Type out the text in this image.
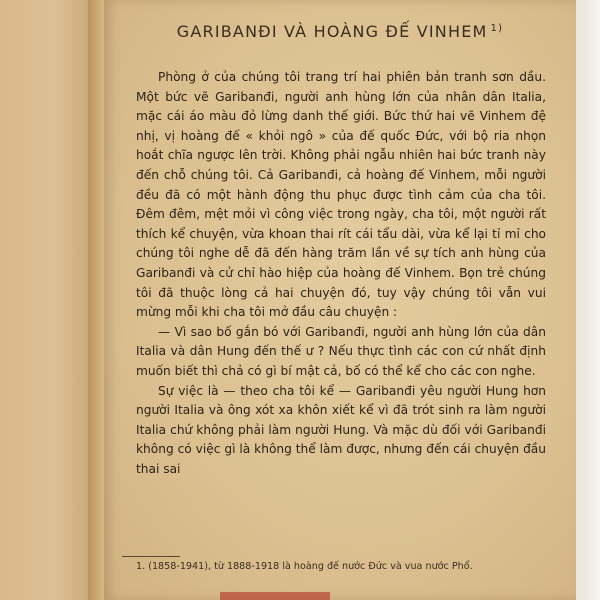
GARIBANĐI VÀ HOÀNG ĐẾ VINHEM $^{1)}$

Phòng ở của chúng tôi trang trí hai phiên bản tranh sơn dầu. Một bức vẽ Garibanđi, người anh hùng lớn của nhân dân Italia, mặc cái áo màu đỏ lừng danh thế giới. Bức thứ hai vẽ Vinhem đệ nhị, vị hoàng đế « khỏi ngô » của đế quốc Đức, với bộ ria nhọn hoắt chĩa ngược lên trời. Không phải ngẫu nhiên hai bức tranh này đến chỗ chúng tôi. Cả Garibanđi, cả hoàng đế Vinhem, mỗi người đều đã có một hành động thu phục được tình cảm của cha tôi. Đêm đêm, mệt mỏi vì công việc trong ngày, cha tôi, một người rất thích kể chuyện, vừa khoan thai rít cái tẩu dài, vừa kể lại tỉ mỉ cho chúng tôi nghe dễ đã đến hàng trăm lần về sự tích anh hùng của Garibanđi và cử chỉ hào hiệp của hoàng đế Vinhem. Bọn trẻ chúng tôi đã thuộc lòng cả hai chuyện đó, tuy vậy chúng tôi vẫn vui mừng mỗi khi cha tôi mở đầu câu chuyện :

— Vì sao bố gắn bó với Garibanđi, người anh hùng lớn của dân Italia và dân Hung đến thế ư ? Nếu thực tình các con cứ nhất định muốn biết thì chả có gì bí mật cả, bố có thể kể cho các con nghe.

Sự việc là — theo cha tôi kể — Garibanđi yêu người Hung hơn người Italia và ông xót xa khôn xiết kể vì đã trót sinh ra làm người Italia chứ không phải làm người Hung. Và mặc dù đối với Garibanđi không có việc gì là không thể làm được, nhưng đến cái chuyện đầu thai sai

1. (1858-1941), từ 1888-1918 là hoàng đế nước Đức và vua nước Phổ.
